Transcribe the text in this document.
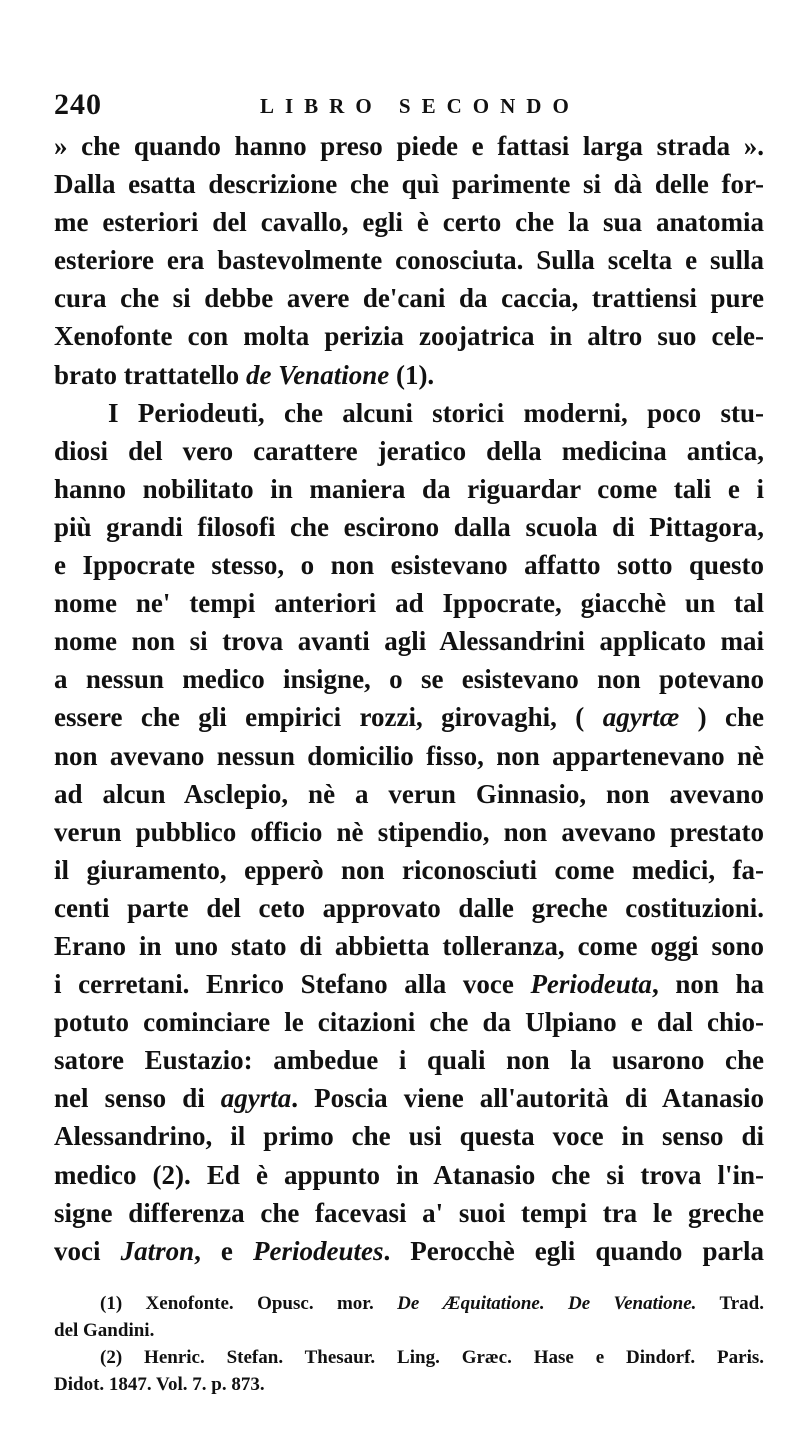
240	LIBRO SECONDO
» che quando hanno preso piede e fattasi larga strada ».
Dalla esatta descrizione che quì parimente si dà delle for-
me esteriori del cavallo, egli è certo che la sua anatomia
esteriore era bastevolmente conosciuta. Sulla scelta e sulla
cura che si debbe avere de'cani da caccia, trattiensi pure
Xenofonte con molta perizia zoojatrica in altro suo cele-
brato trattatello de Venatione (1).
I Periodeuti, che alcuni storici moderni, poco stu-
diosi del vero carattere jeratico della medicina antica,
hanno nobilitato in maniera da riguardar come tali e i
più grandi filosofi che escirono dalla scuola di Pittagora,
e Ippocrate stesso, o non esistevano affatto sotto questo
nome ne' tempi anteriori ad Ippocrate, giacchè un tal
nome non si trova avanti agli Alessandrini applicato mai
a nessun medico insigne, o se esistevano non potevano
essere che gli empirici rozzi, girovaghi, ( agyrtæ ) che
non avevano nessun domicilio fisso, non appartenevano nè
ad alcun Asclepio, nè a verun Ginnasio, non avevano
verun pubblico officio nè stipendio, non avevano prestato
il giuramento, epperò non riconosciuti come medici, fa-
centi parte del ceto approvato dalle greche costituzioni.
Erano in uno stato di abbietta tolleranza, come oggi sono
i cerretani. Enrico Stefano alla voce Periodeuta, non ha
potuto cominciare le citazioni che da Ulpiano e dal chio-
satore Eustazio: ambedue i quali non la usarono che
nel senso di agyrta. Poscia viene all'autorità di Atanasio
Alessandrino, il primo che usi questa voce in senso di
medico (2). Ed è appunto in Atanasio che si trova l'in-
signe differenza che facevasi a' suoi tempi tra le greche
voci Jatron, e Periodeutes. Perocchè egli quando parla
(1) Xenofonte. Opusc. mor. De Æquitatione. De Venatione. Trad.
del Gandini.
(2) Henric. Stefan. Thesaur. Ling. Græc. Hase e Dindorf. Paris.
Didot. 1847. Vol. 7. p. 873.
